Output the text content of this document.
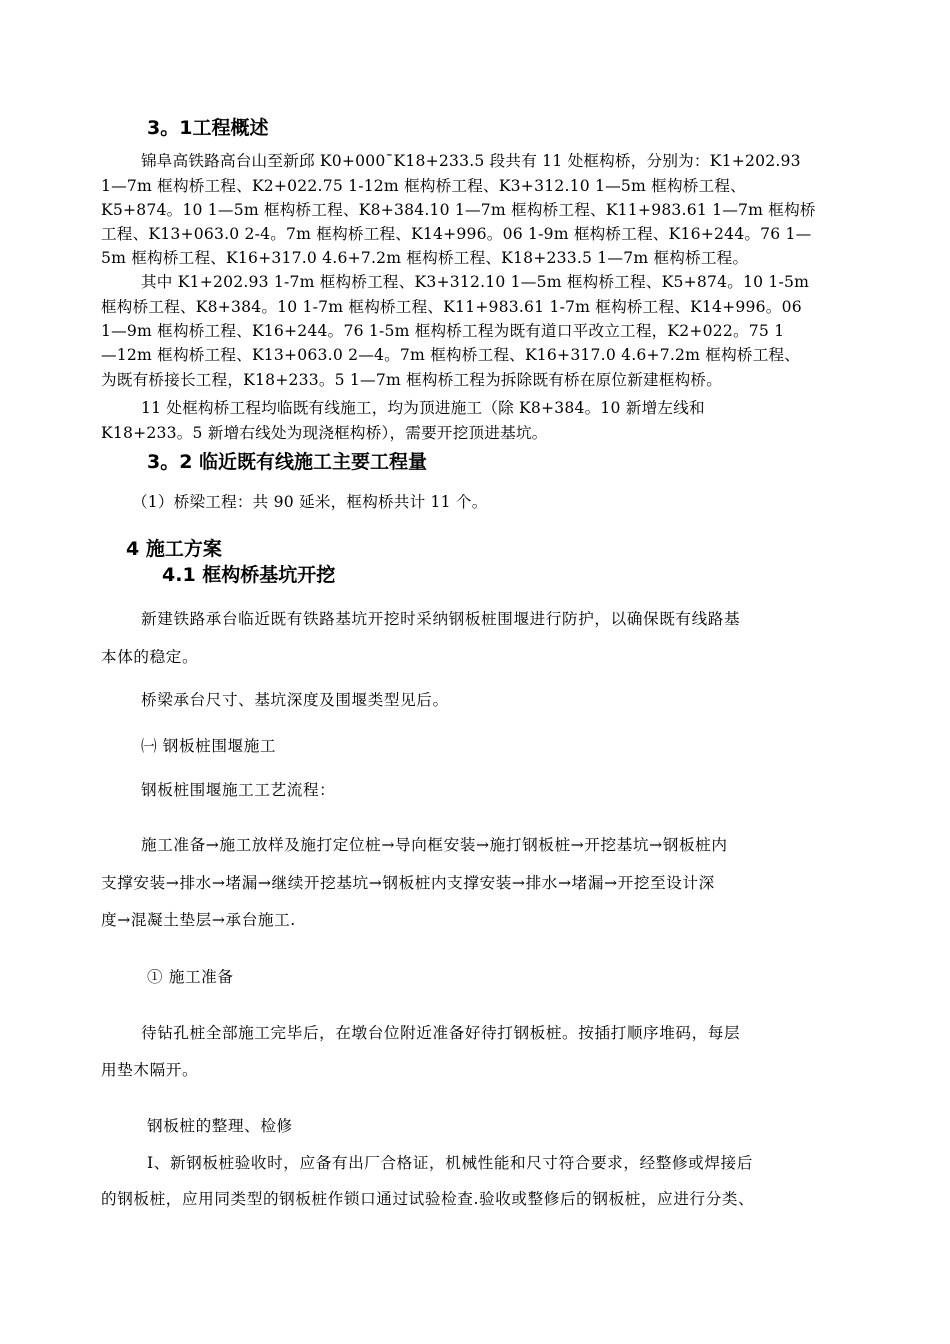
3。1工程概述
锦阜高铁路高台山至新邱 K0+000¯K18+233.5 段共有 11 处框构桥，分别为：K1+202.93
1—7m 框构桥工程、K2+022.75 1-12m 框构桥工程、K3+312.10 1—5m 框构桥工程、
K5+874。10 1—5m 框构桥工程、K8+384.10 1—7m 框构桥工程、K11+983.61 1—7m 框构桥
工程、K13+063.0 2-4。7m 框构桥工程、K14+996。06 1-9m 框构桥工程、K16+244。76 1—
5m 框构桥工程、K16+317.0 4.6+7.2m 框构桥工程、K18+233.5 1—7m 框构桥工程。
其中 K1+202.93 1-7m 框构桥工程、K3+312.10 1—5m 框构桥工程、K5+874。10 1-5m
框构桥工程、K8+384。10 1-7m 框构桥工程、K11+983.61 1-7m 框构桥工程、K14+996。06
1—9m 框构桥工程、K16+244。76 1-5m 框构桥工程为既有道口平改立工程，K2+022。75 1
—12m 框构桥工程、K13+063.0 2—4。7m 框构桥工程、K16+317.0 4.6+7.2m 框构桥工程、
为既有桥接长工程，K18+233。5 1—7m 框构桥工程为拆除既有桥在原位新建框构桥。
11 处框构桥工程均临既有线施工，均为顶进施工（除 K8+384。10 新增左线和
K18+233。5 新增右线处为现浇框构桥），需要开挖顶进基坑。
3。2 临近既有线施工主要工程量
（1）桥梁工程：共 90 延米，框构桥共计 11 个。
4 施工方案
4.1 框构桥基坑开挖
新建铁路承台临近既有铁路基坑开挖时采纳钢板桩围堰进行防护，以确保既有线路基
本体的稳定。
桥梁承台尺寸、基坑深度及围堰类型见后。
㈠ 钢板桩围堰施工
钢板桩围堰施工工艺流程：
施工准备→施工放样及施打定位桩→导向框安装→施打钢板桩→开挖基坑→钢板桩内
支撑安装→排水→堵漏→继续开挖基坑→钢板桩内支撑安装→排水→堵漏→开挖至设计深
度→混凝土垫层→承台施工.
① 施工准备
待钻孔桩全部施工完毕后，在墩台位附近准备好待打钢板桩。按插打顺序堆码，每层
用垫木隔开。
钢板桩的整理、检修
Ⅰ、新钢板桩验收时，应备有出厂合格证，机械性能和尺寸符合要求，经整修或焊接后
的钢板桩，应用同类型的钢板桩作锁口通过试验检查.验收或整修后的钢板桩，应进行分类、
